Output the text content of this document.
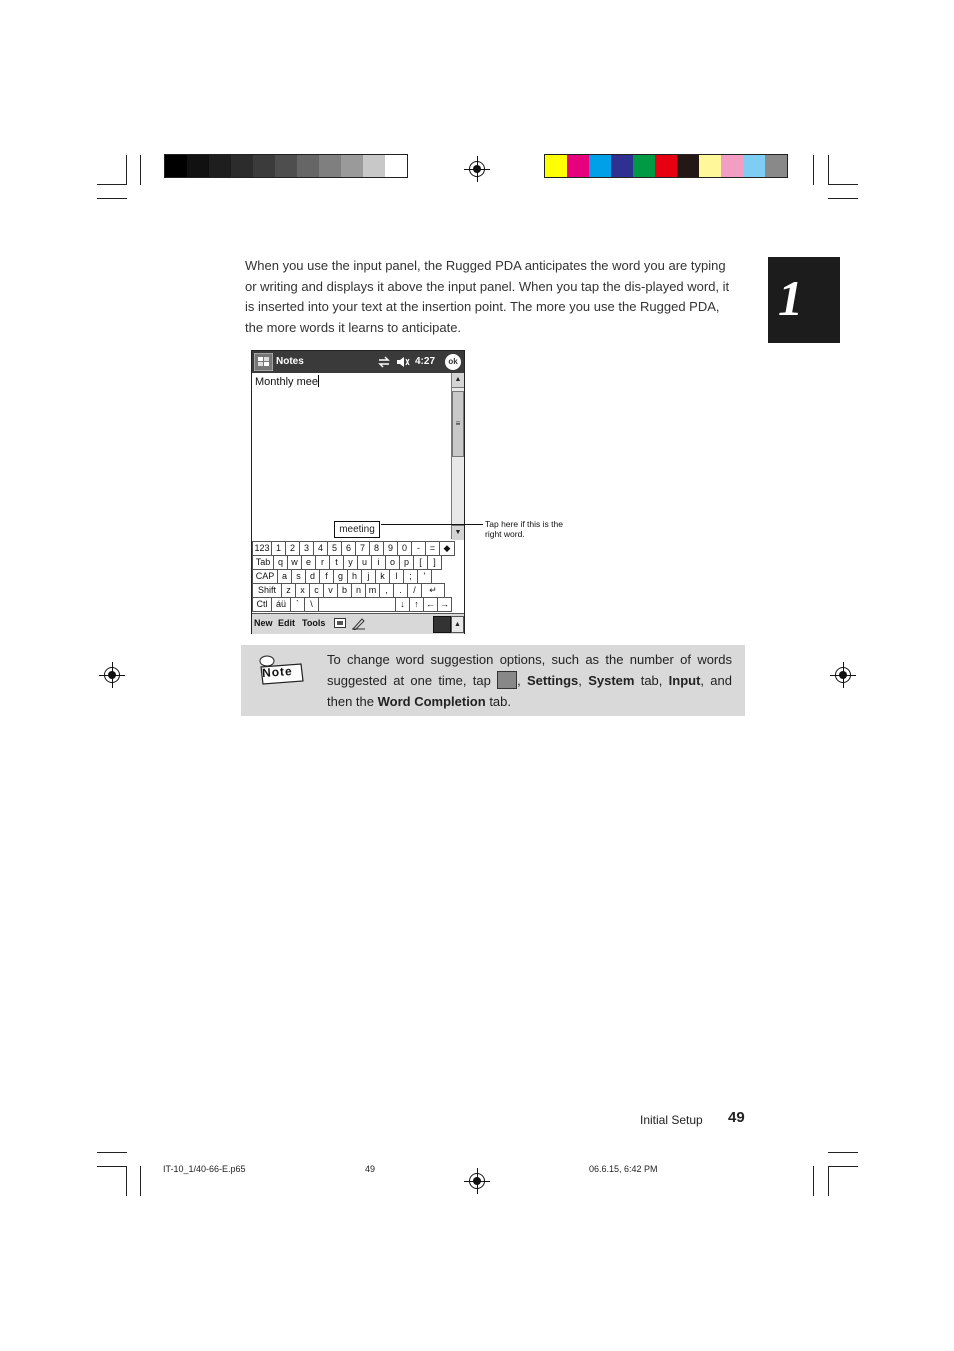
1
When you use the input panel, the Rugged PDA anticipates the word you are typing or writing and displays it above the input panel. When you tap the dis-played word, it is inserted into your text at the insertion point. The more you use the Rugged PDA, the more words it learns to anticipate.
Notes	4:27	ok
Monthly mee	▲
≡
▼
meeting
123 1 2 3 4 5 6 7 8 9 0	-	= ◆
Tab q w e	r	t	y	u	i	o p	[	]
CAP a	s	d	f	g h	j	k	l	;	'
Shift	z	x	c	v	b n m ,	.	/	↵
Ctl áü	`	\	↓	↑ ← →
New Edit Tools	▲
Tap here if this is the right word.
Note
To change word suggestion options, such as the number of words suggested at one time, tap , Settings, System tab, Input, and then the Word Completion tab.
Initial Setup 49
IT-10_1/40-66-E.p65	49	06.6.15, 6:42 PM
